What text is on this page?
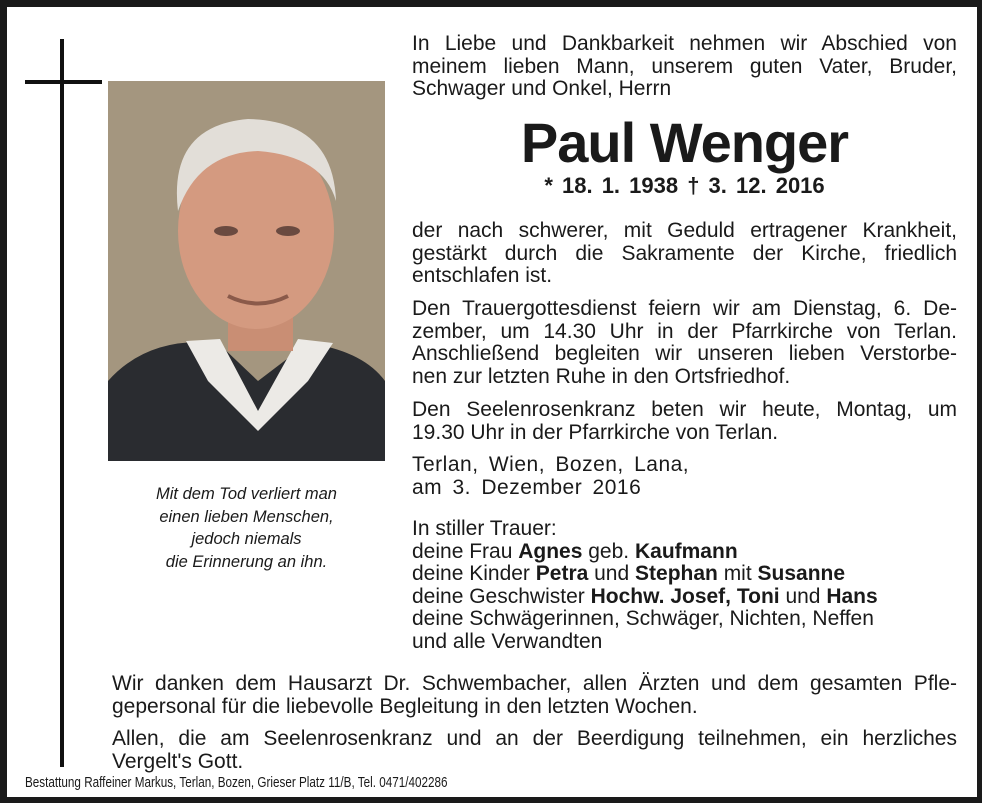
Mit dem Tod verliert man
einen lieben Menschen,
jedoch niemals
die Erinnerung an ihn.
In Liebe und Dankbarkeit nehmen wir Abschied von
meinem lieben Mann, unserem guten Vater, Bruder,
Schwager und Onkel, Herrn
Paul Wenger
* 18. 1. 1938 † 3. 12. 2016
der nach schwerer, mit Geduld ertragener Krankheit,
gestärkt durch die Sakramente der Kirche, friedlich
entschlafen ist.
Den Trauergottesdienst feiern wir am Dienstag, 6. De-
zember, um 14.30 Uhr in der Pfarrkirche von Terlan.
Anschließend begleiten wir unseren lieben Verstorbe-
nen zur letzten Ruhe in den Ortsfriedhof.
Den Seelenrosenkranz beten wir heute, Montag, um
19.30 Uhr in der Pfarrkirche von Terlan.
Terlan, Wien, Bozen, Lana,
am 3. Dezember 2016
In stiller Trauer:
deine Frau Agnes geb. Kaufmann
deine Kinder Petra und Stephan mit Susanne
deine Geschwister Hochw. Josef, Toni und Hans
deine Schwägerinnen, Schwäger, Nichten, Neffen
und alle Verwandten
Wir danken dem Hausarzt Dr. Schwembacher, allen Ärzten und dem gesamten Pfle-
gepersonal für die liebevolle Begleitung in den letzten Wochen.
Allen, die am Seelenrosenkranz und an der Beerdigung teilnehmen, ein herzliches
Vergelt's Gott.
Bestattung Raffeiner Markus, Terlan, Bozen, Grieser Platz 11/B, Tel. 0471/402286
